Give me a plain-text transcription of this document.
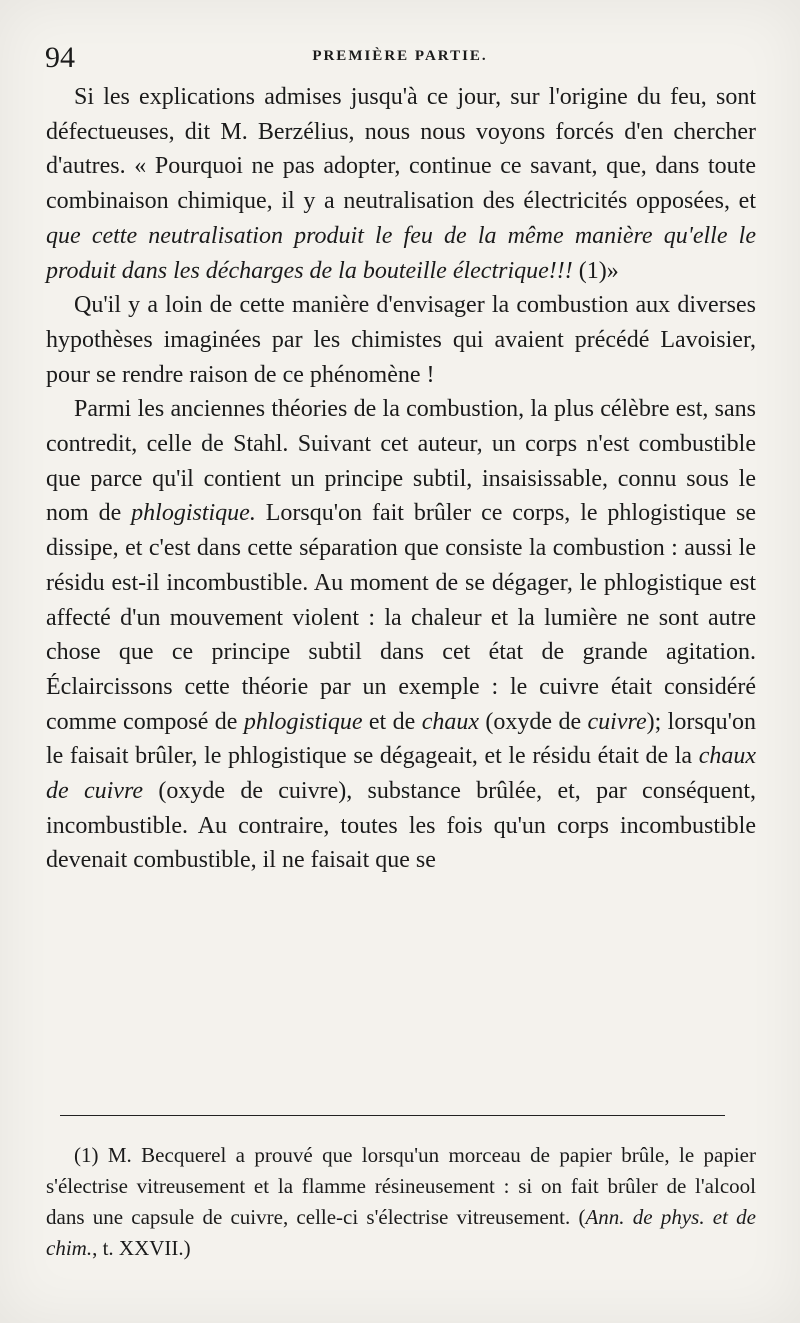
94	PREMIÈRE PARTIE.

Si les explications admises jusqu'à ce jour, sur l'origine du feu, sont défectueuses, dit M. Berzélius, nous nous voyons forcés d'en chercher d'autres. « Pourquoi ne pas adopter, continue ce savant, que, dans toute combinaison chimique, il y a neutralisation des électricités opposées, et que cette neutralisation produit le feu de la même manière qu'elle le produit dans les décharges de la bouteille électrique!!! (1)»

Qu'il y a loin de cette manière d'envisager la combustion aux diverses hypothèses imaginées par les chimistes qui avaient précédé Lavoisier, pour se rendre raison de ce phénomène !

Parmi les anciennes théories de la combustion, la plus célèbre est, sans contredit, celle de Stahl. Suivant cet auteur, un corps n'est combustible que parce qu'il contient un principe subtil, insaisissable, connu sous le nom de phlogistique. Lorsqu'on fait brûler ce corps, le phlogistique se dissipe, et c'est dans cette séparation que consiste la combustion : aussi le résidu est-il incombustible. Au moment de se dégager, le phlogistique est affecté d'un mouvement violent : la chaleur et la lumière ne sont autre chose que ce principe subtil dans cet état de grande agitation. Éclaircissons cette théorie par un exemple : le cuivre était considéré comme composé de phlogistique et de chaux (oxyde de cuivre); lorsqu'on le faisait brûler, le phlogistique se dégageait, et le résidu était de la chaux de cuivre (oxyde de cuivre), substance brûlée, et, par conséquent, incombustible. Au contraire, toutes les fois qu'un corps incombustible devenait combustible, il ne faisait que se

(1) M. Becquerel a prouvé que lorsqu'un morceau de papier brûle, le papier s'électrise vitreusement et la flamme résineusement : si on fait brûler de l'alcool dans une capsule de cuivre, celle-ci s'électrise vitreusement. (Ann. de phys. et de chim., t. XXVII.)
